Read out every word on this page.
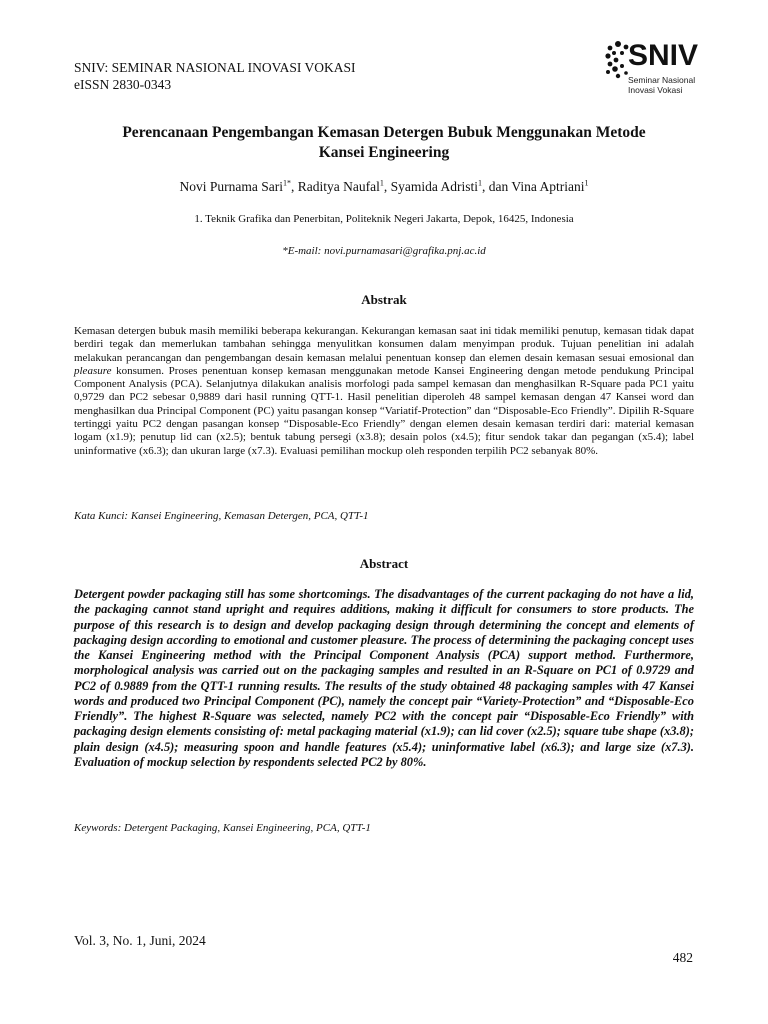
SNIV: SEMINAR NASIONAL INOVASI VOKASI
eISSN 2830-0343
SNIV
Seminar Nasional
Inovasi Vokasi
Perencanaan Pengembangan Kemasan Detergen Bubuk Menggunakan Metode
Kansei Engineering
Novi Purnama Sari$^{1*}$, Raditya Naufal$^1$, Syamida Adristi$^1$, dan Vina Aptriani$^1$
1. Teknik Grafika dan Penerbitan, Politeknik Negeri Jakarta, Depok, 16425, Indonesia
*E-mail: novi.purnamasari@grafika.pnj.ac.id
Abstrak
Kemasan detergen bubuk masih memiliki beberapa kekurangan. Kekurangan kemasan saat ini tidak memiliki penutup, kemasan tidak dapat berdiri tegak dan memerlukan tambahan sehingga menyulitkan konsumen dalam menyimpan produk. Tujuan penelitian ini adalah melakukan perancangan dan pengembangan desain kemasan melalui penentuan konsep dan elemen desain kemasan sesuai emosional dan pleasure konsumen. Proses penentuan konsep kemasan menggunakan metode Kansei Engineering dengan metode pendukung Principal Component Analysis (PCA). Selanjutnya dilakukan analisis morfologi pada sampel kemasan dan menghasilkan R-Square pada PC1 yaitu 0,9729 dan PC2 sebesar 0,9889 dari hasil running QTT-1. Hasil penelitian diperoleh 48 sampel kemasan dengan 47 Kansei word dan menghasilkan dua Principal Component (PC) yaitu pasangan konsep “Variatif-Protection” dan “Disposable-Eco Friendly”. Dipilih R-Square tertinggi yaitu PC2 dengan pasangan konsep “Disposable-Eco Friendly” dengan elemen desain kemasan terdiri dari: material kemasan logam (x1.9); penutup lid can (x2.5); bentuk tabung persegi (x3.8); desain polos (x4.5); fitur sendok takar dan pegangan (x5.4); label uninformative (x6.3); dan ukuran large (x7.3). Evaluasi pemilihan mockup oleh responden terpilih PC2 sebanyak 80%.
Kata Kunci: Kansei Engineering, Kemasan Detergen, PCA, QTT-1
Abstract
Detergent powder packaging still has some shortcomings. The disadvantages of the current packaging do not have a lid, the packaging cannot stand upright and requires additions, making it difficult for consumers to store products. The purpose of this research is to design and develop packaging design through determining the concept and elements of packaging design according to emotional and customer pleasure. The process of determining the packaging concept uses the Kansei Engineering method with the Principal Component Analysis (PCA) support method. Furthermore, morphological analysis was carried out on the packaging samples and resulted in an R-Square on PC1 of 0.9729 and PC2 of 0.9889 from the QTT-1 running results. The results of the study obtained 48 packaging samples with 47 Kansei words and produced two Principal Component (PC), namely the concept pair “Variety-Protection” and “Disposable-Eco Friendly”. The highest R-Square was selected, namely PC2 with the concept pair “Disposable-Eco Friendly” with packaging design elements consisting of: metal packaging material (x1.9); can lid cover (x2.5); square tube shape (x3.8); plain design (x4.5); measuring spoon and handle features (x5.4); uninformative label (x6.3); and large size (x7.3). Evaluation of mockup selection by respondents selected PC2 by 80%.
Keywords: Detergent Packaging, Kansei Engineering, PCA, QTT-1
Vol. 3, No. 1, Juni, 2024
482
